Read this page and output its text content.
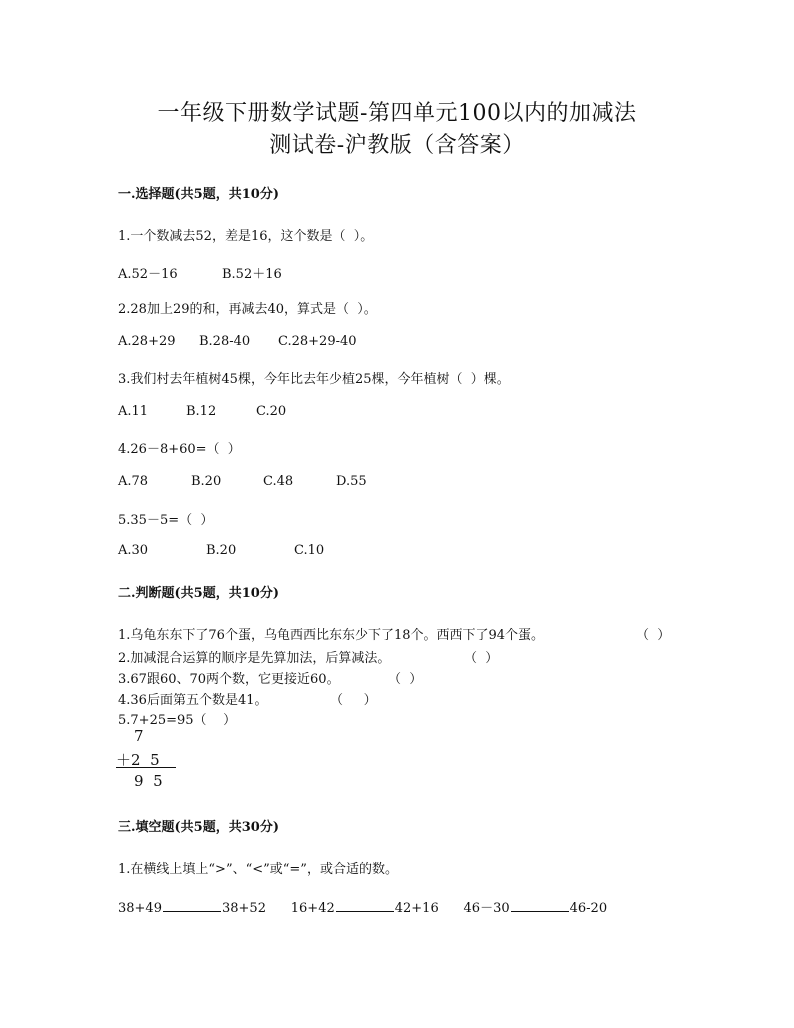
一年级下册数学试题-第四单元100以内的加减法
测试卷-沪教版（含答案）
一.选择题(共5题，共10分)
1.一个数减去52，差是16，这个数是（  ）。
A.52－16	B.52＋16
2.28加上29的和，再减去40，算式是（  ）。
A.28+29 B.28-40 C.28+29-40
3.我们村去年植树45棵，今年比去年少植25棵，今年植树（  ）棵。
A.11	B.12	C.20
4.26－8+60=（  ）
A.78	B.20	C.48	D.55
5.35－5=（  ）
A.30	B.20	C.10
二.判断题(共5题，共10分)
1.乌龟东东下了76个蛋，乌龟西西比东东少下了18个。西西下了94个蛋。	（  ）
2.加减混合运算的顺序是先算加法，后算减法。	（  ）
3.67跟60、70两个数，它更接近60。	（  ）
4.36后面第五个数是41。	（     ）
5.7+25=95（    ）
7
＋2  5
9  5
三.填空题(共5题，共30分)
1.在横线上填上“>”、“<”或“=”，或合适的数。
38+49	38+52 16+42	42+16 46－30	46-20
